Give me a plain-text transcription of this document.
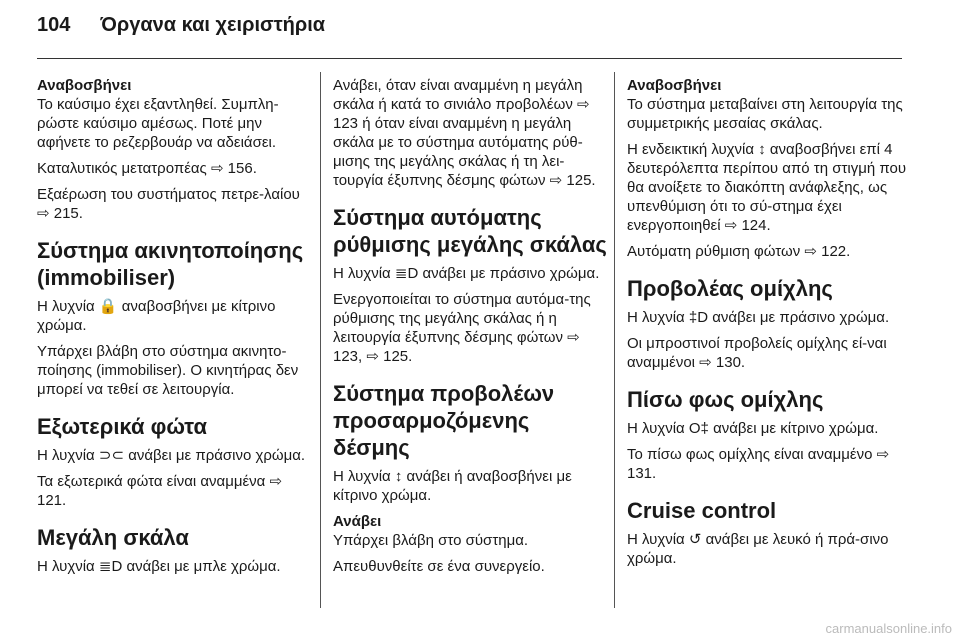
104 Όργανα και χειριστήρια
Αναβοσβήνει

Το καύσιμο έχει εξαντληθεί. Συμπλη-ρώστε καύσιμο αμέσως. Ποτέ μην αφήνετε το ρεζερβουάρ να αδειάσει.

Καταλυτικός μετατροπέας ⇨ 156.

Εξαέρωση του συστήματος πετρε-λαίου ⇨ 215.

Σύστημα ακινητοποίησης (immobiliser)

Η λυχνία 🔒 αναβοσβήνει με κίτρινο χρώμα.

Υπάρχει βλάβη στο σύστημα ακινητο-ποίησης (immobiliser). Ο κινητήρας δεν μπορεί να τεθεί σε λειτουργία.

Εξωτερικά φώτα

Η λυχνία ⊃⊂ ανάβει με πράσινο χρώμα.

Τα εξωτερικά φώτα είναι αναμμένα ⇨ 121.

Μεγάλη σκάλα

Η λυχνία ≣D ανάβει με μπλε χρώμα.

Ανάβει, όταν είναι αναμμένη η μεγάλη σκάλα ή κατά το σινιάλο προβολέων ⇨ 123 ή όταν είναι αναμμένη η μεγάλη σκάλα με το σύστημα αυτόματης ρύθ-μισης της μεγάλης σκάλας ή τη λει-τουργία έξυπνης δέσμης φώτων ⇨ 125.

Σύστημα αυτόματης ρύθμισης μεγάλης σκάλας

Η λυχνία ≣D ανάβει με πράσινο χρώμα.

Ενεργοποιείται το σύστημα αυτόμα-της ρύθμισης της μεγάλης σκάλας ή η λειτουργία έξυπνης δέσμης φώτων ⇨ 123, ⇨ 125.

Σύστημα προβολέων προσαρμοζόμενης δέσμης

Η λυχνία ↕ ανάβει ή αναβοσβήνει με κίτρινο χρώμα.

Ανάβει

Υπάρχει βλάβη στο σύστημα.

Απευθυνθείτε σε ένα συνεργείο.

Αναβοσβήνει

Το σύστημα μεταβαίνει στη λειτουργία της συμμετρικής μεσαίας σκάλας.

Η ενδεικτική λυχνία ↕ αναβοσβήνει επί 4 δευτερόλεπτα περίπου από τη στιγμή που θα ανοίξετε το διακόπτη ανάφλεξης, ως υπενθύμιση ότι το σύ-στημα έχει ενεργοποιηθεί ⇨ 124.

Αυτόματη ρύθμιση φώτων ⇨ 122.

Προβολέας ομίχλης

Η λυχνία ‡D ανάβει με πράσινο χρώμα.

Οι μπροστινοί προβολείς ομίχλης εί-ναι αναμμένοι ⇨ 130.

Πίσω φως ομίχλης

Η λυχνία O‡ ανάβει με κίτρινο χρώμα.

Το πίσω φως ομίχλης είναι αναμμένο ⇨ 131.

Cruise control

Η λυχνία ↺ ανάβει με λευκό ή πρά-σινο χρώμα.

carmanualsonline.info
